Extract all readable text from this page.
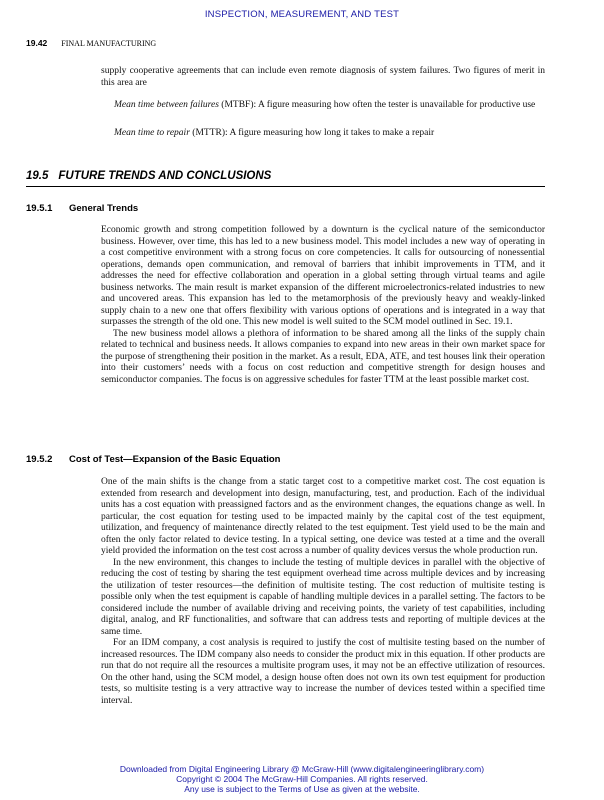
INSPECTION, MEASUREMENT, AND TEST
19.42 FINAL MANUFACTURING

supply cooperative agreements that can include even remote diagnosis of system failures. Two figures of merit in this area are

Mean time between failures (MTBF): A figure measuring how often the tester is unavailable for productive use
Mean time to repair (MTTR): A figure measuring how long it takes to make a repair
19.5 FUTURE TRENDS AND CONCLUSIONS
19.5.1 General Trends

Economic growth and strong competition followed by a downturn is the cyclical nature of the semiconductor business. However, over time, this has led to a new business model. This model includes a new way of operating in a cost competitive environment with a strong focus on core competencies. It calls for outsourcing of nonessential operations, demands open communication, and removal of barriers that inhibit improvements in TTM, and it addresses the need for effective collaboration and operation in a global setting through virtual teams and agile business networks. The main result is market expansion of the different microelectronics-related industries to new and uncovered areas. This expansion has led to the metamorphosis of the previously heavy and weakly-linked supply chain to a new one that offers flexibility with various options of operations and is integrated in a way that surpasses the strength of the old one. This new model is well suited to the SCM model outlined in Sec. 19.1.

The new business model allows a plethora of information to be shared among all the links of the supply chain related to technical and business needs. It allows companies to expand into new areas in their own market space for the purpose of strengthening their position in the market. As a result, EDA, ATE, and test houses link their operation into their customers’ needs with a focus on cost reduction and competitive strength for design houses and semiconductor companies. The focus is on aggressive schedules for faster TTM at the least possible market cost.

19.5.2 Cost of Test—Expansion of the Basic Equation

One of the main shifts is the change from a static target cost to a competitive market cost. The cost equation is extended from research and development into design, manufacturing, test, and production. Each of the individual units has a cost equation with preassigned factors and as the environment changes, the equations change as well. In particular, the cost equation for testing used to be impacted mainly by the capital cost of the test equipment, utilization, and frequency of maintenance directly related to the test equipment. Test yield used to be the main and often the only factor related to device testing. In a typical setting, one device was tested at a time and the overall yield provided the information on the test cost across a number of quality devices versus the whole production run.

In the new environment, this changes to include the testing of multiple devices in parallel with the objective of reducing the cost of testing by sharing the test equipment overhead time across multiple devices and by increasing the utilization of tester resources—the definition of multisite testing. The cost reduction of multisite testing is possible only when the test equipment is capable of handling multiple devices in a parallel setting. The factors to be considered include the number of available driving and receiving points, the variety of test capabilities, including digital, analog, and RF functionalities, and software that can address tests and reporting of multiple devices at the same time.

For an IDM company, a cost analysis is required to justify the cost of multisite testing based on the number of increased resources. The IDM company also needs to consider the product mix in this equation. If other products are run that do not require all the resources a multisite program uses, it may not be an effective utilization of resources. On the other hand, using the SCM model, a design house often does not own its own test equipment for production tests, so multisite testing is a very attractive way to increase the number of devices tested within a specified time interval.

Downloaded from Digital Engineering Library @ McGraw-Hill (www.digitalengineeringlibrary.com)
Copyright © 2004 The McGraw-Hill Companies. All rights reserved.
Any use is subject to the Terms of Use as given at the website.
